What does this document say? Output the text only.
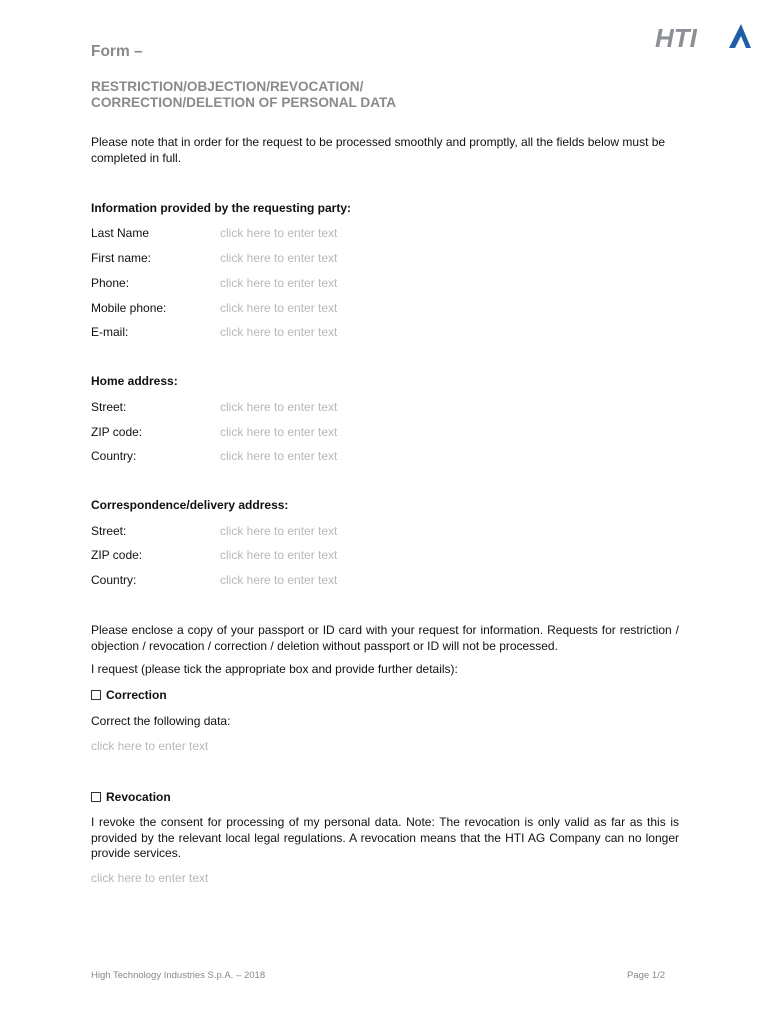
Form –	HTI
RESTRICTION/OBJECTION/REVOCATION/
CORRECTION/DELETION OF PERSONAL DATA
Please note that in order for the request to be processed smoothly and promptly, all the fields below must be completed in full.
Information provided by the requesting party:
Last Name	click here to enter text
First name:	click here to enter text
Phone:	click here to enter text
Mobile phone:	click here to enter text
E-mail:	click here to enter text
Home address:
Street:	click here to enter text
ZIP code:	click here to enter text
Country:	click here to enter text
Correspondence/delivery address:
Street:	click here to enter text
ZIP code:	click here to enter text
Country:	click here to enter text
Please enclose a copy of your passport or ID card with your request for information. Requests for restriction / objection / revocation / correction / deletion without passport or ID will not be processed.
I request (please tick the appropriate box and provide further details):
Correction
Correct the following data:
click here to enter text
Revocation
I revoke the consent for processing of my personal data. Note: The revocation is only valid as far as this is provided by the relevant local legal regulations. A revocation means that the HTI AG Company can no longer provide services.
click here to enter text
High Technology Industries S.p.A. – 2018	Page 1/2
